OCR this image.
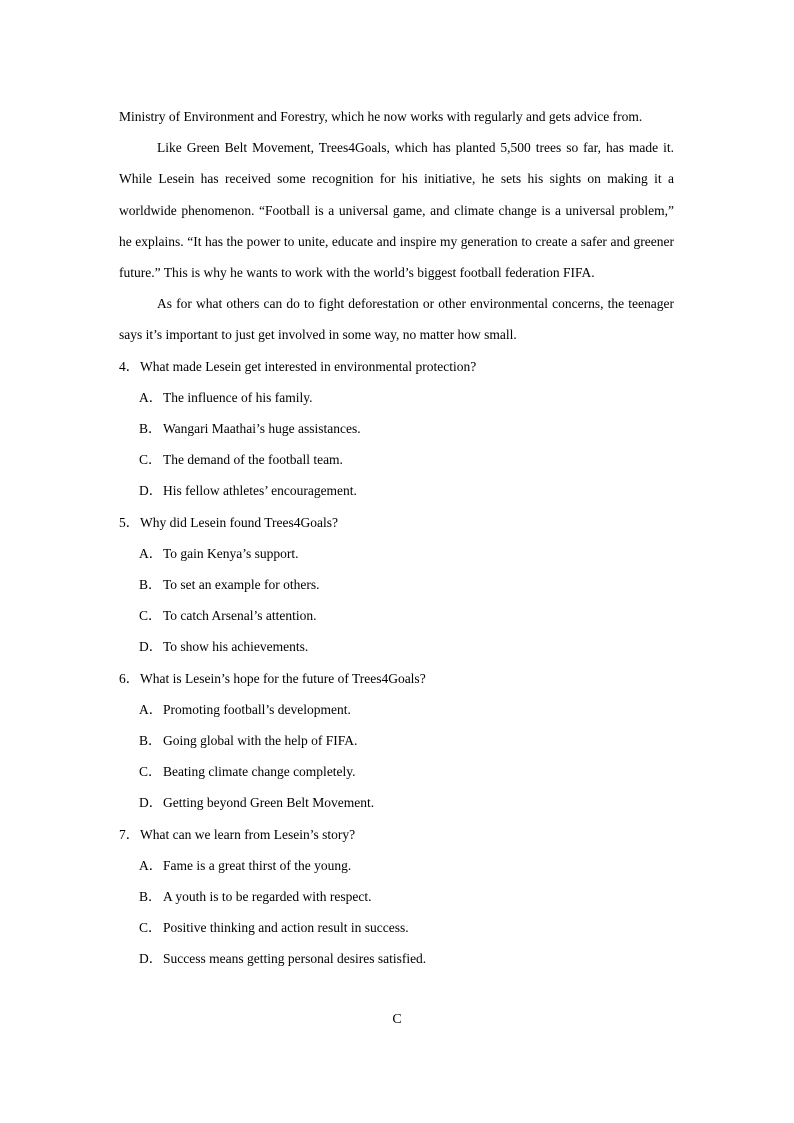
Ministry of Environment and Forestry, which he now works with regularly and gets advice from.

Like Green Belt Movement, Trees4Goals, which has planted 5,500 trees so far, has made it. While Lesein has received some recognition for his initiative, he sets his sights on making it a worldwide phenomenon. “Football is a universal game, and climate change is a universal problem,” he explains. “It has the power to unite, educate and inspire my generation to create a safer and greener future.” This is why he wants to work with the world’s biggest football federation FIFA.

As for what others can do to fight deforestation or other environmental concerns, the teenager says it’s important to just get involved in some way, no matter how small.

4．What made Lesein get interested in environmental protection?

A．The influence of his family.

B．Wangari Maathai’s huge assistances.

C．The demand of the football team.

D．His fellow athletes’ encouragement.

5．Why did Lesein found Trees4Goals?

A．To gain Kenya’s support.

B．To set an example for others.

C．To catch Arsenal’s attention.

D．To show his achievements.

6．What is Lesein’s hope for the future of Trees4Goals?

A．Promoting football’s development.

B．Going global with the help of FIFA.

C．Beating climate change completely.

D．Getting beyond Green Belt Movement.

7．What can we learn from Lesein’s story?

A．Fame is a great thirst of the young.

B．A youth is to be regarded with respect.

C．Positive thinking and action result in success.

D．Success means getting personal desires satisfied.

C
